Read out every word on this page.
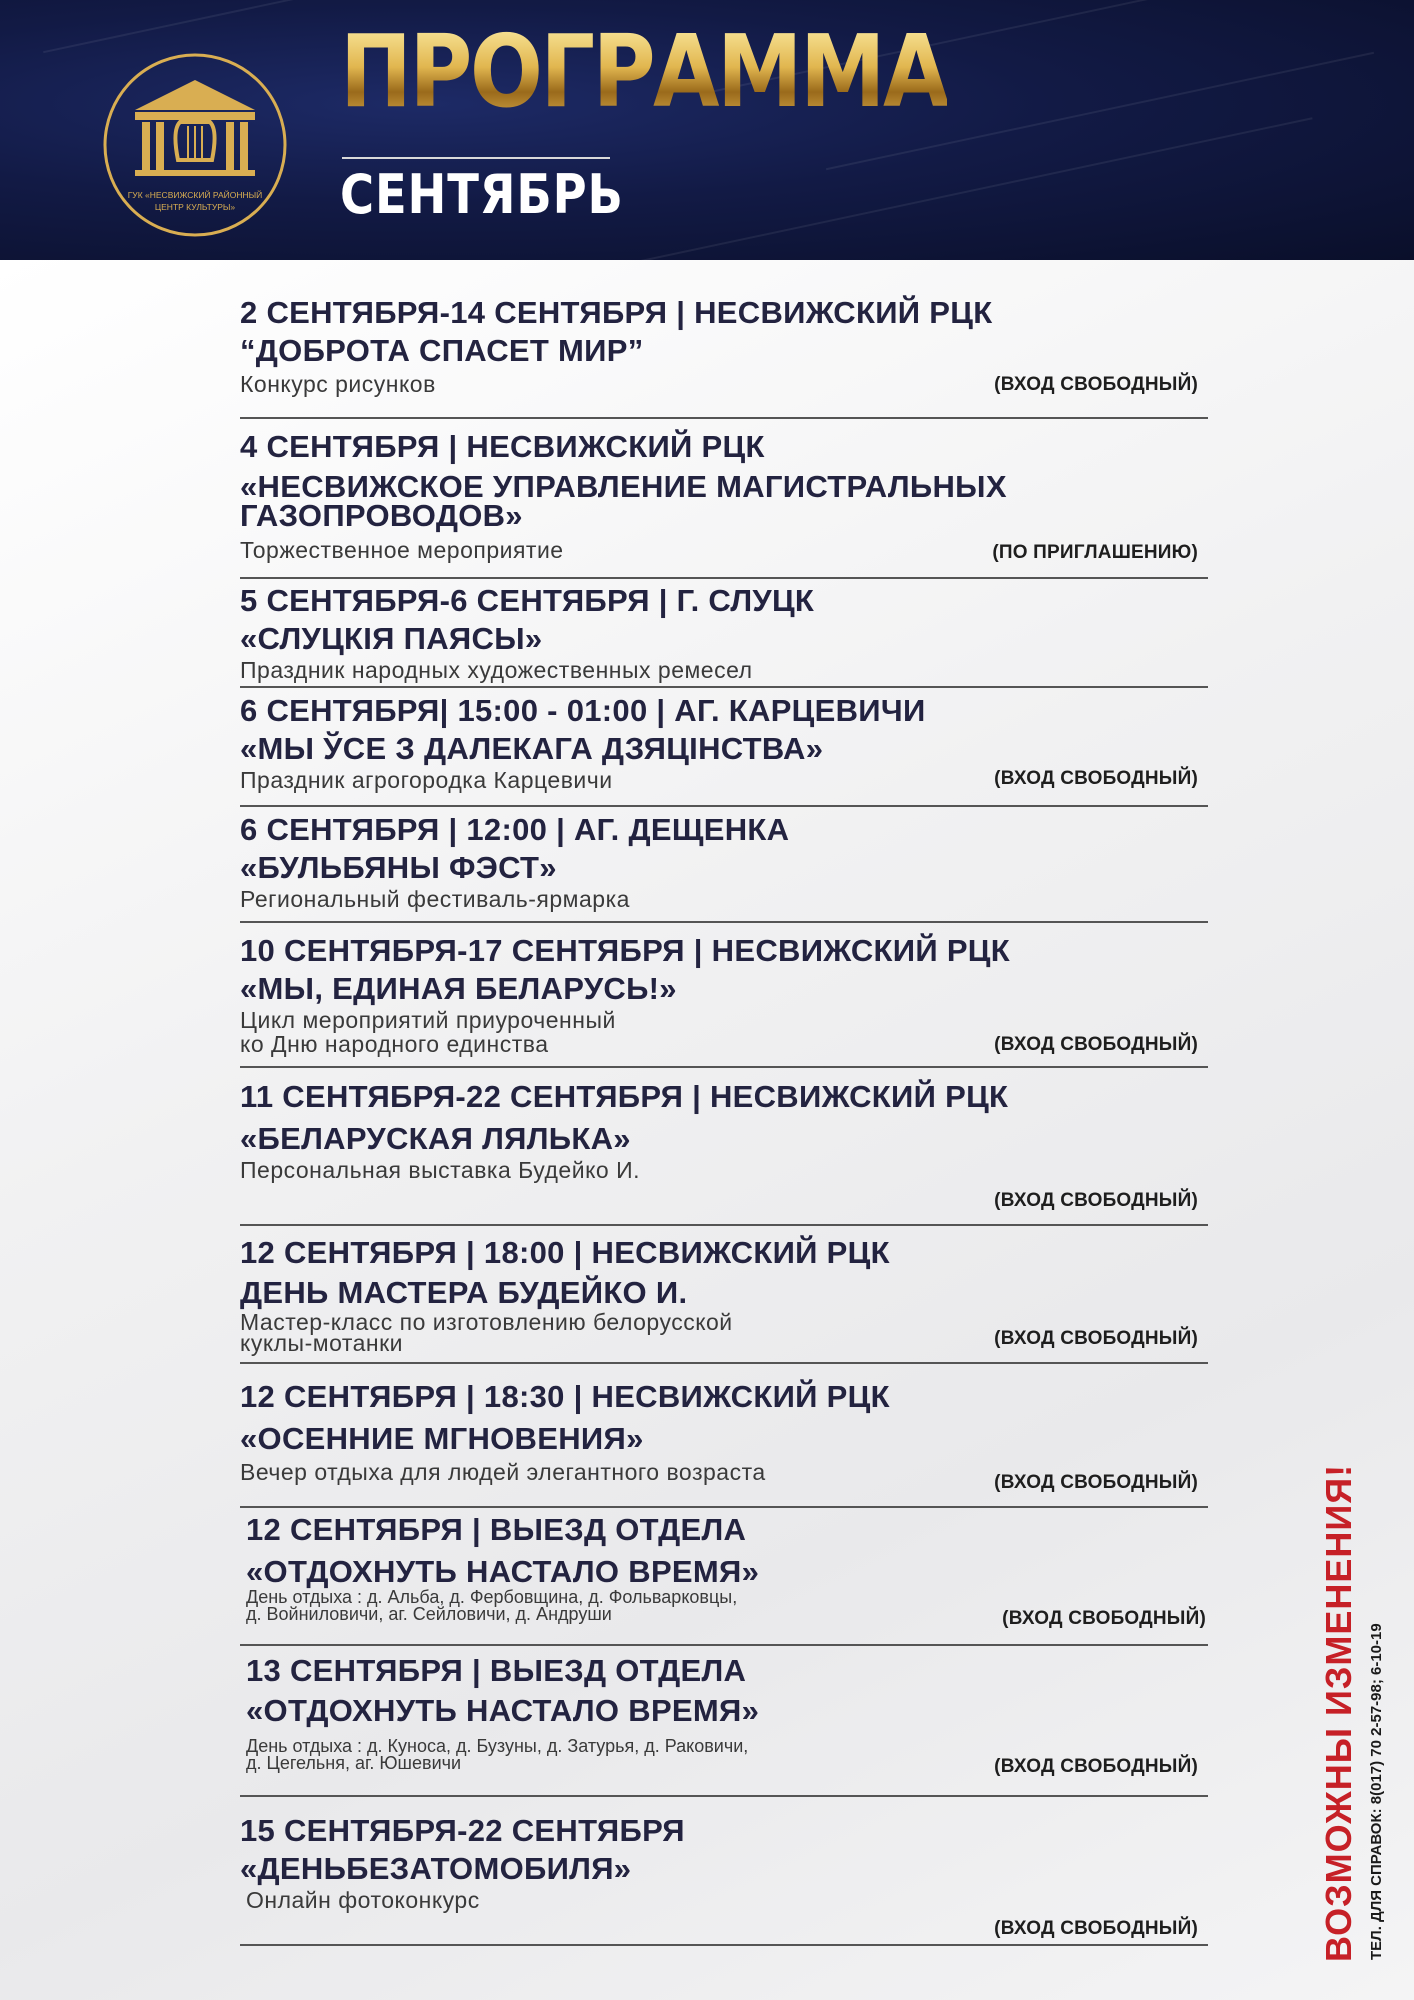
ГУК «НЕСВИЖСКИЙ РАЙОННЫЙ
ЦЕНТР КУЛЬТУРЫ»
ПРОГРАММА
СЕНТЯБРЬ
2 СЕНТЯБРЯ-14 СЕНТЯБРЯ | НЕСВИЖСКИЙ РЦК
“ДОБРОТА СПАСЕТ МИР”
Конкурс рисунков	(ВХОД СВОБОДНЫЙ)
4 СЕНТЯБРЯ | НЕСВИЖСКИЙ РЦК
«НЕСВИЖСКОЕ УПРАВЛЕНИЕ МАГИСТРАЛЬНЫХ ГАЗОПРОВОДОВ»
Торжественное мероприятие	(ПО ПРИГЛАШЕНИЮ)
5 СЕНТЯБРЯ-6 СЕНТЯБРЯ | Г. СЛУЦК
«СЛУЦКІЯ ПАЯСЫ»
Праздник народных художественных ремесел
6 СЕНТЯБРЯ| 15:00 - 01:00 | АГ. КАРЦЕВИЧИ
«МЫ ЎСЕ З ДАЛЕКАГА ДЗЯЦІНСТВА»
Праздник агрогородка Карцевичи	(ВХОД СВОБОДНЫЙ)
6 СЕНТЯБРЯ | 12:00 | АГ. ДЕЩЕНКА
«БУЛЬБЯНЫ ФЭСТ»
Региональный фестиваль-ярмарка
10 СЕНТЯБРЯ-17 СЕНТЯБРЯ | НЕСВИЖСКИЙ РЦК
«МЫ, ЕДИНАЯ БЕЛАРУСЬ!»
Цикл мероприятий приуроченный
ко Дню народного единства	(ВХОД СВОБОДНЫЙ)
11 СЕНТЯБРЯ-22 СЕНТЯБРЯ | НЕСВИЖСКИЙ РЦК
«БЕЛАРУСКАЯ ЛЯЛЬКА»
Персональная выставка Будейко И.
(ВХОД СВОБОДНЫЙ)
12 СЕНТЯБРЯ | 18:00 | НЕСВИЖСКИЙ РЦК
ДЕНЬ МАСТЕРА БУДЕЙКО И.
Мастер-класс по изготовлению белорусской
куклы-мотанки	(ВХОД СВОБОДНЫЙ)
12 СЕНТЯБРЯ | 18:30 | НЕСВИЖСКИЙ РЦК
«ОСЕННИЕ МГНОВЕНИЯ»
Вечер отдыха для людей элегантного возраста	(ВХОД СВОБОДНЫЙ)
12 СЕНТЯБРЯ | ВЫЕЗД ОТДЕЛА
«ОТДОХНУТЬ НАСТАЛО ВРЕМЯ»
День отдыха : д. Альба, д. Фербовщина, д. Фольварковцы,
д. Войниловичи, аг. Сейловичи, д. Андруши	(ВХОД СВОБОДНЫЙ)
13 СЕНТЯБРЯ | ВЫЕЗД ОТДЕЛА
«ОТДОХНУТЬ НАСТАЛО ВРЕМЯ»
День отдыха : д. Куноса, д. Бузуны, д. Затурья, д. Раковичи,
д. Цегельня, аг. Юшевичи	(ВХОД СВОБОДНЫЙ)
15 СЕНТЯБРЯ-22 СЕНТЯБРЯ
«ДЕНЬБЕЗАТОМОБИЛЯ»
Онлайн фотоконкурс
(ВХОД СВОБОДНЫЙ)	ВОЗМОЖНЫ ИЗМЕНЕНИЯ! ТЕЛ. ДЛЯ СПРАВОК: 8(017) 70 2-57-98; 6-10-19
